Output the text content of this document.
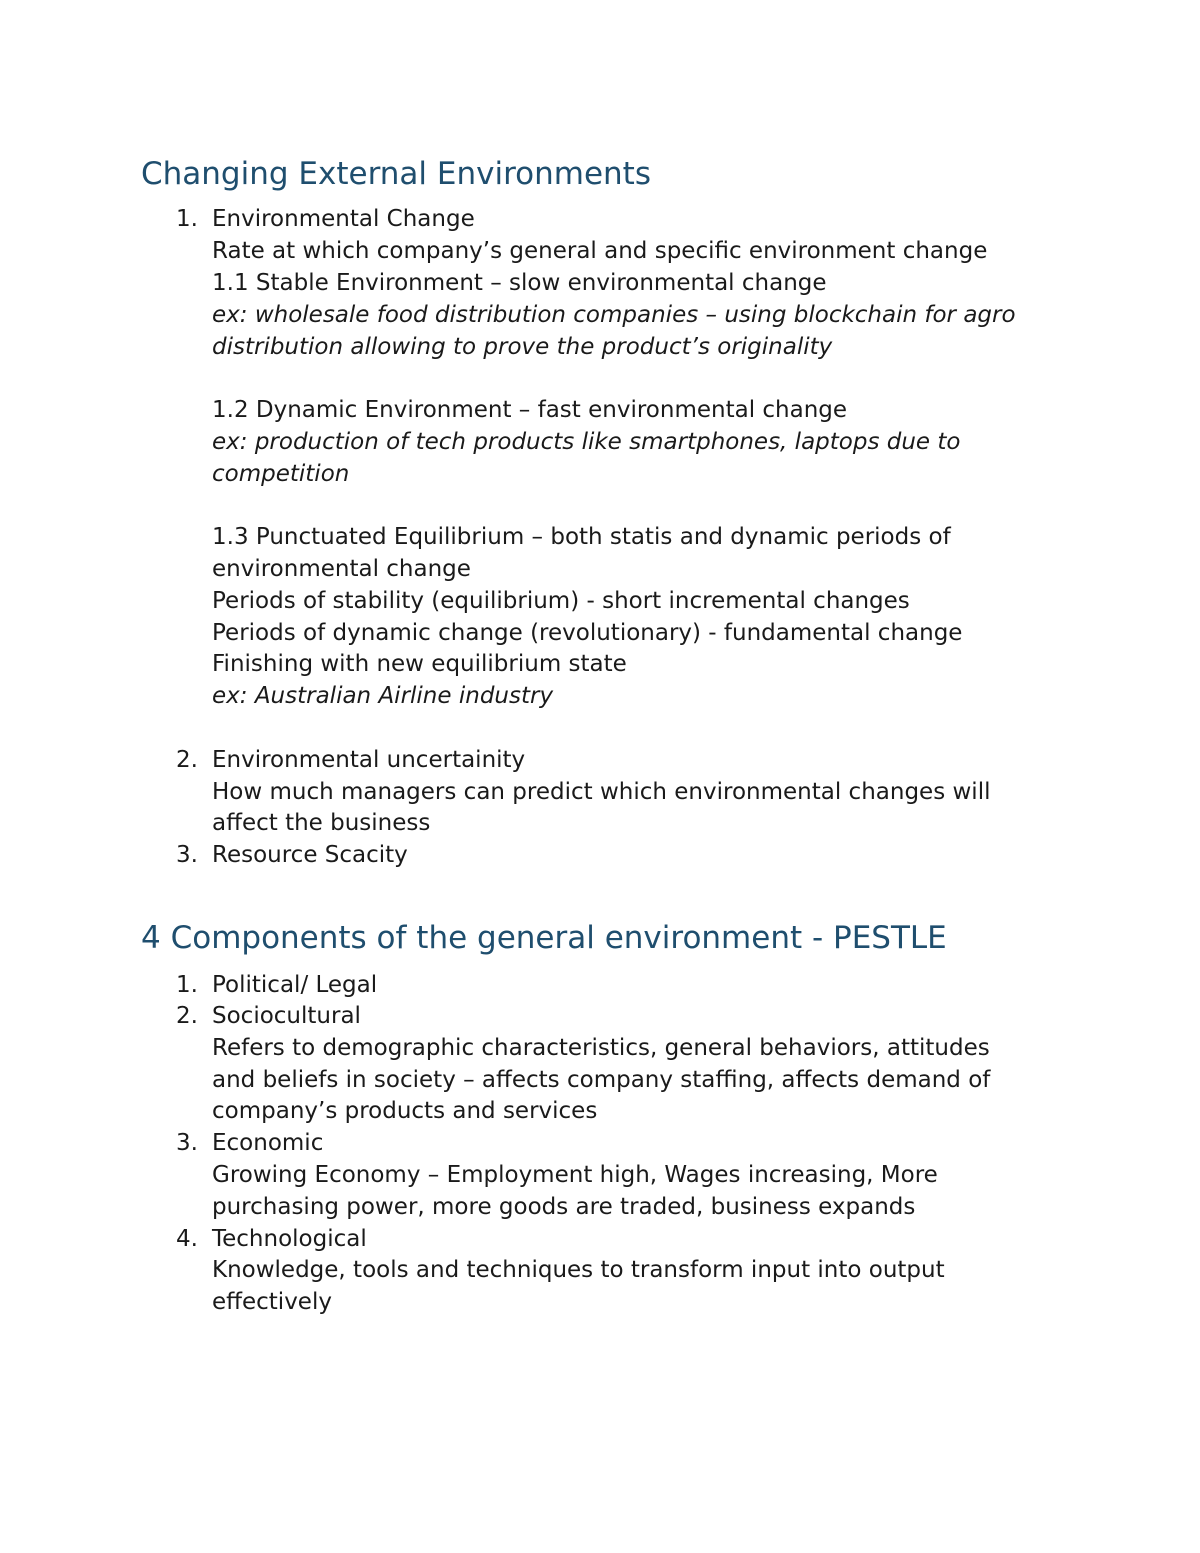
Changing External Environments
1. Environmental Change
Rate at which company’s general and specific environment change
1.1 Stable Environment – slow environmental change
ex: wholesale food distribution companies – using blockchain for agro
distribution allowing to prove the product’s originality
1.2 Dynamic Environment – fast environmental change
ex: production of tech products like smartphones, laptops due to
competition
1.3 Punctuated Equilibrium – both statis and dynamic periods of
environmental change
Periods of stability (equilibrium) - short incremental changes
Periods of dynamic change (revolutionary) - fundamental change
Finishing with new equilibrium state
ex: Australian Airline industry
2. Environmental uncertainity
How much managers can predict which environmental changes will
affect the business
3. Resource Scacity
4 Components of the general environment - PESTLE
1. Political/ Legal
2. Sociocultural
Refers to demographic characteristics, general behaviors, attitudes
and beliefs in society – affects company staffing, affects demand of
company’s products and services
3. Economic
Growing Economy – Employment high, Wages increasing, More
purchasing power, more goods are traded, business expands
4. Technological
Knowledge, tools and techniques to transform input into output
effectively
